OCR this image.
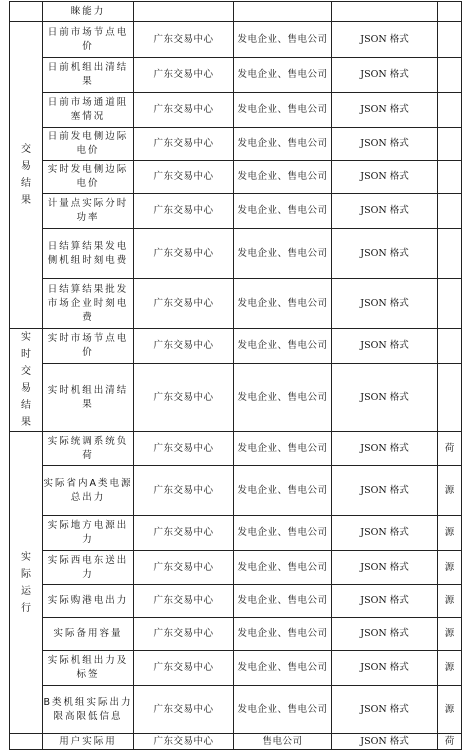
	睞能力				

交易结果	日前市场节点电价	广东交易中心	发电企业、售电公司	JSON 格式	

	日前机组出清结果	广东交易中心	发电企业、售电公司	JSON 格式	

	日前市场通道阻塞情况	广东交易中心	发电企业、售电公司	JSON 格式	

	日前发电侧边际电价	广东交易中心	发电企业、售电公司	JSON 格式	

	实时发电侧边际电价	广东交易中心	发电企业、售电公司	JSON 格式	

	计量点实际分时功率	广东交易中心	发电企业、售电公司	JSON 格式	

	日结算结果发电侧机组时刻电费	广东交易中心	发电企业、售电公司	JSON 格式	

	日结算结果批发市场企业时刻电费	广东交易中心	发电企业、售电公司	JSON 格式	

实时交易结果	实时市场节点电价	广东交易中心	发电企业、售电公司	JSON 格式	

	实时机组出清结果	广东交易中心	发电企业、售电公司	JSON 格式	

实际运行	实际统调系统负荷	广东交易中心	发电企业、售电公司	JSON 格式	荷

	实际省内A类电源总出力	广东交易中心	发电企业、售电公司	JSON 格式	源

	实际地方电源出力	广东交易中心	发电企业、售电公司	JSON 格式	源

	实际西电东送出力	广东交易中心	发电企业、售电公司	JSON 格式	源

	实际购港电出力	广东交易中心	发电企业、售电公司	JSON 格式	源

	实际备用容量	广东交易中心	发电企业、售电公司	JSON 格式	源

	实际机组出力及标签	广东交易中心	发电企业、售电公司	JSON 格式	源

	B类机组实际出力限高限低信息	广东交易中心	发电企业、售电公司	JSON 格式	源
	用户实际用	广东交易中心	售电公司	JSON 格式	荷
